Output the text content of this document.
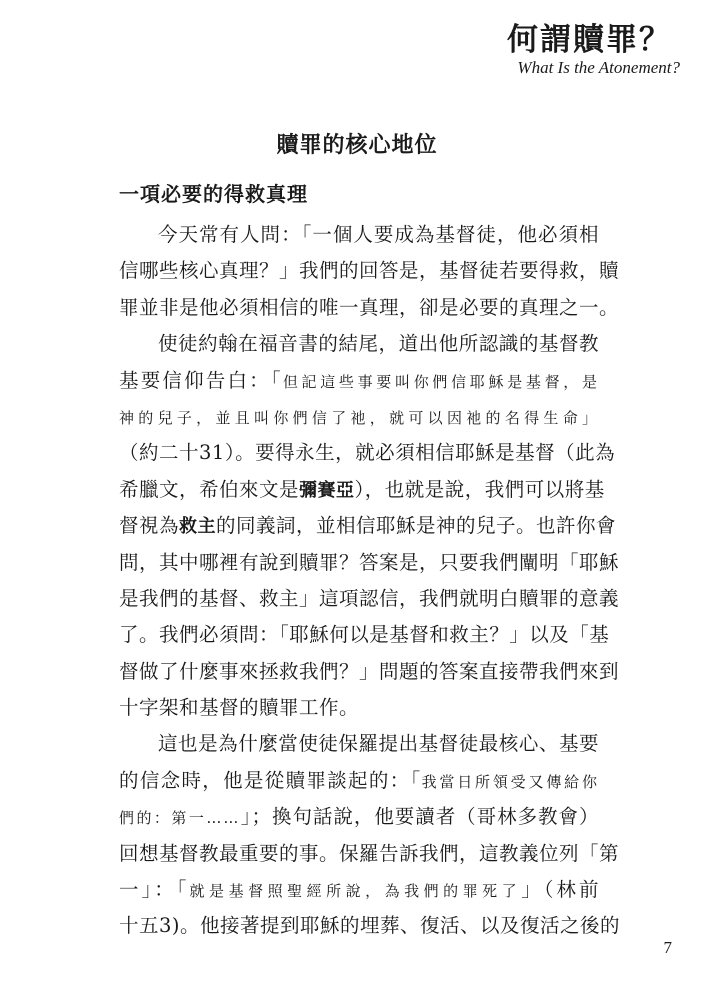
何謂贖罪？
What Is the Atonement?
贖罪的核心地位
一項必要的得救真理
今天常有人問：「一個人要成為基督徒，他必須相
信哪些核心真理？」我們的回答是，基督徒若要得救，贖
罪並非是他必須相信的唯一真理，卻是必要的真理之一。
使徒約翰在福音書的結尾，道出他所認識的基督教
基要信仰告白：「但記這些事要叫你們信耶穌是基督，是
神的兒子，並且叫你們信了祂，就可以因祂的名得生命」
（約二十31）。要得永生，就必須相信耶穌是基督（此為
希臘文，希伯來文是彌賽亞），也就是說，我們可以將基
督視為救主的同義詞，並相信耶穌是神的兒子。也許你會
問，其中哪裡有說到贖罪？答案是，只要我們闡明「耶穌
是我們的基督、救主」這項認信，我們就明白贖罪的意義
了。我們必須問：「耶穌何以是基督和救主？」以及「基
督做了什麼事來拯救我們？」問題的答案直接帶我們來到
十字架和基督的贖罪工作。
這也是為什麼當使徒保羅提出基督徒最核心、基要
的信念時，他是從贖罪談起的：「我當日所領受又傳給你
們的：第一……」；換句話說，他要讀者（哥林多教會）
回想基督教最重要的事。保羅告訴我們，這教義位列「第
一」：「就是基督照聖經所說，為我們的罪死了」（林前
十五3)。他接著提到耶穌的埋葬、復活、以及復活之後的
7
